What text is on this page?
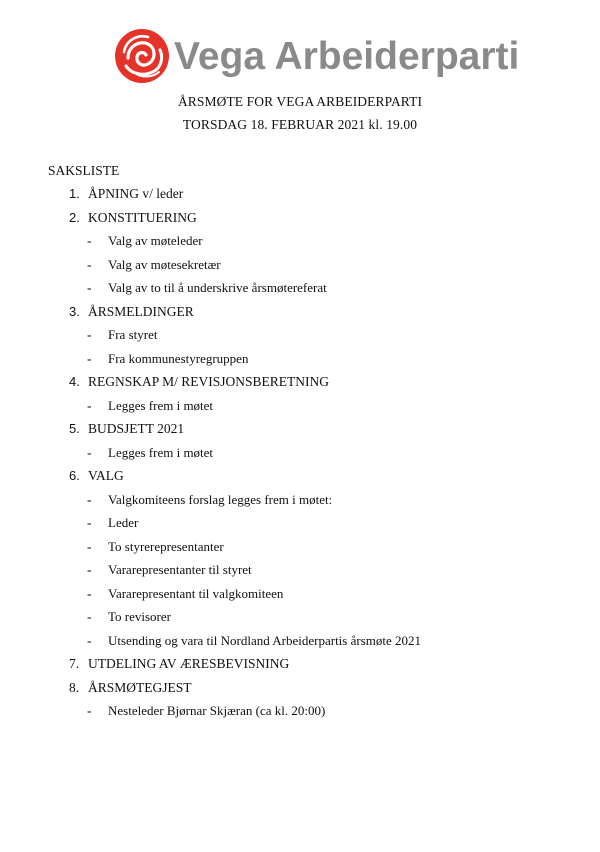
Vega Arbeiderparti
ÅRSMØTE FOR VEGA ARBEIDERPARTI
TORSDAG 18. FEBRUAR 2021 kl. 19.00
SAKSLISTE
1. ÅPNING v/ leder
2. KONSTITUERING
- Valg av møteleder
- Valg av møtesekretær
- Valg av to til å underskrive årsmøtereferat
3. ÅRSMELDINGER
- Fra styret
- Fra kommunestyregruppen
4. REGNSKAP M/ REVISJONSBERETNING
- Legges frem i møtet
5. BUDSJETT 2021
- Legges frem i møtet
6. VALG
- Valgkomiteens forslag legges frem i møtet:
- Leder
- To styrerepresentanter
- Vararepresentanter til styret
- Vararepresentant til valgkomiteen
- To revisorer
- Utsending og vara til Nordland Arbeiderpartis årsmøte 2021
7. UTDELING AV ÆRESBEVISNING
8. ÅRSMØTEGJEST
- Nesteleder Bjørnar Skjæran (ca kl. 20:00)
